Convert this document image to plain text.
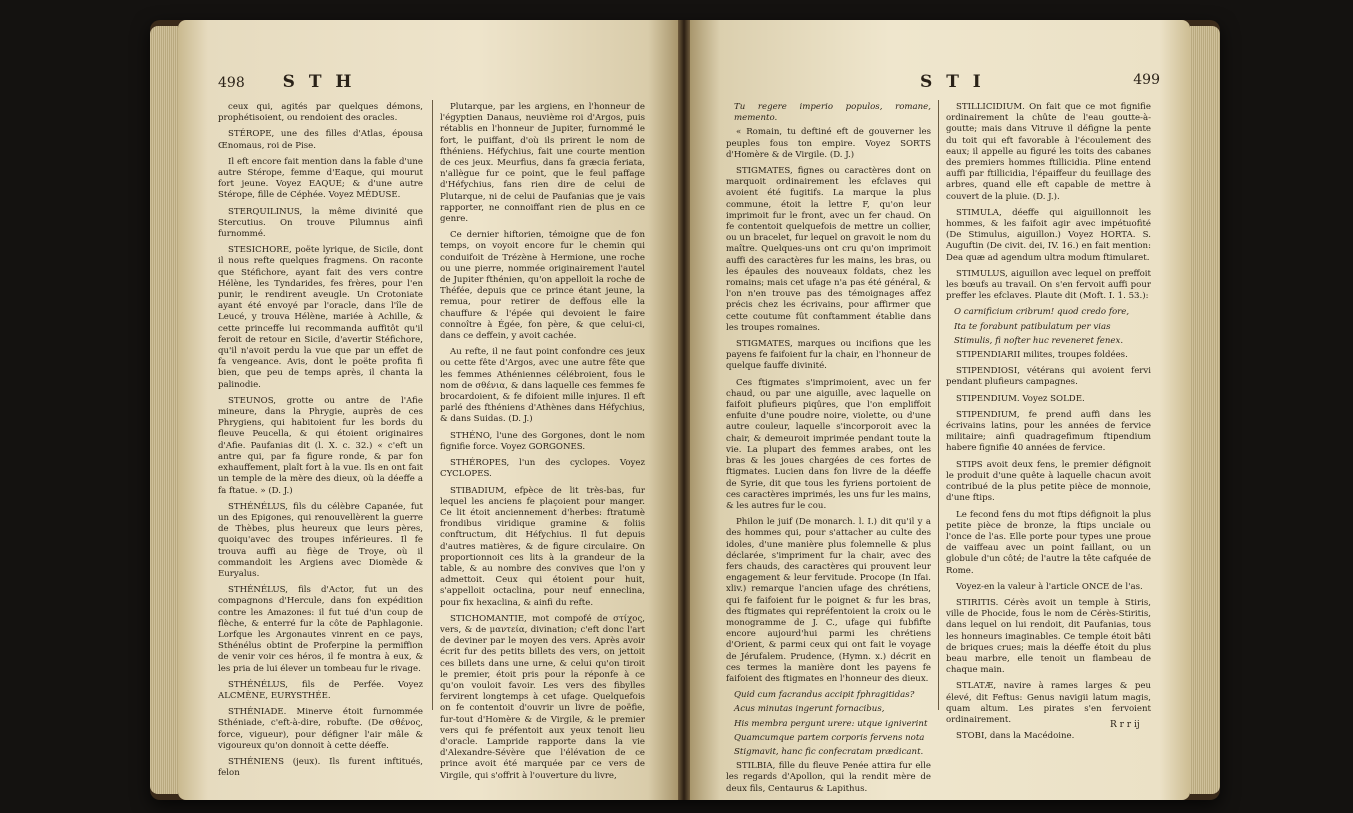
498 S T H

ceux qui, agités par quelques démons, prophétisoient, ou rendoient des oracles.

STÉROPE, une des filles d'Atlas, épousa Œnomaus, roi de Pise.

Il eft encore fait mention dans la fable d'une autre Stérope, femme d'Eaque, qui mourut fort jeune. Voyez EAQUE; & d'une autre Stérope, fille de Céphée. Voyez MÉDUSE.

STERQUILINUS, la même divinité que Stercutius. On trouve Pilumnus ainfi furnommé.

STESICHORE, poëte lyrique, de Sicile, dont il nous refte quelques fragmens. On raconte que Stéfichore, ayant fait des vers contre Hélène, les Tyndarides, fes frères, pour l'en punir, le rendirent aveugle. Un Crotoniate ayant été envoyé par l'oracle, dans l'île de Leucé, y trouva Hélène, mariée à Achille, & cette princeffe lui recommanda auffitôt qu'il feroit de retour en Sicile, d'avertir Stéfichore, qu'il n'avoit perdu la vue que par un effet de fa vengeance. Avis, dont le poëte profita fi bien, que peu de temps après, il chanta la palinodie.

STEUNOS, grotte ou antre de l'Afie mineure, dans la Phrygie, auprès de ces Phrygiens, qui habitoient fur les bords du fleuve Peucella, & qui étoient originaires d'Afie. Paufanias dit (l. X. c. 32.) « c'eft un antre qui, par fa figure ronde, & par fon exhauffement, plaît fort à la vue. Ils en ont fait un temple de la mère des dieux, où la déeffe a fa ftatue. » (D. J.)

STHÉNÉLUS, fils du célèbre Capanée, fut un des Epigones, qui renouvellèrent la guerre de Thèbes, plus heureux que leurs pères, quoiqu'avec des troupes inférieures. Il fe trouva auffi au fiège de Troye, où il commandoit les Argiens avec Diomède & Euryalus.

STHÉNÉLUS, fils d'Actor, fut un des compagnons d'Hercule, dans fon expédition contre les Amazones: il fut tué d'un coup de flèche, & enterré fur la côte de Paphlagonie. Lorfque les Argonautes vinrent en ce pays, Sthénélus obtint de Proferpine la permiffion de venir voir ces héros, il fe montra à eux, & les pria de lui élever un tombeau fur le rivage.

STHÉNÉLUS, fils de Perfée. Voyez ALCMÈNE, EURYSTHÉE.

STHÉNIADE. Minerve étoit furnommée Sthéniade, c'eft-à-dire, robufte. (De σθένος, force, vigueur), pour défigner l'air mâle & vigoureux qu'on donnoit à cette déeffe.

STHÉNIENS (jeux). Ils furent inftitués, felon

Plutarque, par les argiens, en l'honneur de l'égyptien Danaus, neuvième roi d'Argos, puis rétablis en l'honneur de Jupiter, furnommé le fort, le puiffant, d'où ils prirent le nom de fthéniens. Héfychius, fait une courte mention de ces jeux. Meurfius, dans fa græcia feriata, n'allègue fur ce point, que le feul paffage d'Héfychius, fans rien dire de celui de Plutarque, ni de celui de Paufanias que je vais rapporter, ne connoiffant rien de plus en ce genre.

Ce dernier hiftorien, témoigne que de fon temps, on voyoit encore fur le chemin qui conduifoit de Trézène à Hermione, une roche ou une pierre, nommée originairement l'autel de Jupiter fthénien, qu'on appelloit la roche de Théfée, depuis que ce prince étant jeune, la remua, pour retirer de deffous elle la chauffure & l'épée qui devoient le faire connoître à Égée, fon père, & que celui-ci, dans ce deffein, y avoit cachée.

Au refte, il ne faut point confondre ces jeux ou cette fête d'Argos, avec une autre fête que les femmes Athéniennes célébroient, fous le nom de σθένια, & dans laquelle ces femmes fe brocardoient, & fe difoient mille injures. Il eft parlé des fthéniens d'Athènes dans Héfychius, & dans Suidas. (D. J.)

STHÉNO, l'une des Gorgones, dont le nom fignifie force. Voyez GORGONES.

STHÉROPES, l'un des cyclopes. Voyez CYCLOPES.

STIBADIUM, efpèce de lit très-bas, fur lequel les anciens fe plaçoient pour manger. Ce lit étoit anciennement d'herbes: ftratumè frondibus viridique gramine & foliis conftructum, dit Héfychius. Il fut depuis d'autres matières, & de figure circulaire. On proportionnoit ces lits à la grandeur de la table, & au nombre des convives que l'on y admettoit. Ceux qui étoient pour huit, s'appelloit octaclina, pour neuf enneclina, pour fix hexaclina, & ainfi du refte.

STICHOMANTIE, mot compofé de στίχος, vers, & de μαντεία, divination; c'eft donc l'art de deviner par le moyen des vers. Après avoir écrit fur des petits billets des vers, on jettoit ces billets dans une urne, & celui qu'on tiroit le premier, étoit pris pour la réponfe à ce qu'on vouloit favoir. Les vers des fibylles fervirent longtemps à cet ufage. Quelquefois on fe contentoit d'ouvrir un livre de poëfie, fur-tout d'Homère & de Virgile, & le premier vers qui fe préfentoit aux yeux tenoit lieu d'oracle. Lampride rapporte dans la vie d'Alexandre-Sévère que l'élévation de ce prince avoit été marquée par ce vers de Virgile, qui s'offrit à l'ouverture du livre,

S T I	499

Tu regere imperio populos, romane, memento.

« Romain, tu deftiné eft de gouverner les peuples fous ton empire. Voyez SORTS d'Homère & de Virgile. (D. J.)

STIGMATES, fignes ou caractères dont on marquoit ordinairement les efclaves qui avoient été fugitifs. La marque la plus commune, étoit la lettre F, qu'on leur imprimoit fur le front, avec un fer chaud. On fe contentoit quelquefois de mettre un collier, ou un bracelet, fur lequel on gravoit le nom du maître. Quelques-uns ont cru qu'on imprimoit auffi des caractères fur les mains, les bras, ou les épaules des nouveaux foldats, chez les romains; mais cet ufage n'a pas été général, & l'on n'en trouve pas des témoignages affez précis chez les écrivains, pour affirmer que cette coutume fût conftamment établie dans les troupes romaines.

STIGMATES, marques ou incifions que les payens fe faifoient fur la chair, en l'honneur de quelque fauffe divinité.

Ces ftigmates s'imprimoient, avec un fer chaud, ou par une aiguille, avec laquelle on faifoit plufieurs piqûres, que l'on empliffoit enfuite d'une poudre noire, violette, ou d'une autre couleur, laquelle s'incorporoit avec la chair, & demeuroit imprimée pendant toute la vie. La plupart des femmes arabes, ont les bras & les joues chargées de ces fortes de ftigmates. Lucien dans fon livre de la déeffe de Syrie, dit que tous les fyriens portoient de ces caractères imprimés, les uns fur les mains, & les autres fur le cou.

Philon le juif (De monarch. l. I.) dit qu'il y a des hommes qui, pour s'attacher au culte des idoles, d'une manière plus folemnelle & plus déclarée, s'impriment fur la chair, avec des fers chauds, des caractères qui prouvent leur engagement & leur fervitude. Procope (In Ifai. xliv.) remarque l'ancien ufage des chrétiens, qui fe faifoient fur le poignet & fur les bras, des ftigmates qui repréfentoient la croix ou le monogramme de J. C., ufage qui fubfifte encore aujourd'hui parmi les chrétiens d'Orient, & parmi ceux qui ont fait le voyage de Jérufalem. Prudence, (Hymn. x.) décrit en ces termes la manière dont les payens fe faifoient des ftigmates en l'honneur des dieux.

Quid cum facrandus accipit fphragitidas?

Acus minutas ingerunt fornacibus,

His membra pergunt urere: utque igniverint

Quamcumque partem corporis fervens nota

Stigmavit, hanc fic confecratam prædicant.

STILBIA, fille du fleuve Penée attira fur elle les regards d'Apollon, qui la rendit mère de deux fils, Centaurus & Lapithus.

STILLICIDIUM. On fait que ce mot fignifie ordinairement la chûte de l'eau goutte-à-goutte; mais dans Vitruve il défigne la pente du toit qui eft favorable à l'écoulement des eaux; il appelle au figuré les toits des cabanes des premiers hommes ftillicidia. Pline entend auffi par ftillicidia, l'épaiffeur du feuillage des arbres, quand elle eft capable de mettre à couvert de la pluie. (D. J.).

STIMULA, déeffe qui aiguillonnoit les hommes, & les faifoit agir avec impétuofité (De Stimulus, aiguillon.) Voyez HORTA. S. Auguftin (De civit. dei, IV. 16.) en fait mention: Dea quæ ad agendum ultra modum ftimularet.

STIMULUS, aiguillon avec lequel on preffoit les bœufs au travail. On s'en fervoit auffi pour preffer les efclaves. Plaute dit (Moft. I. 1. 53.):

O carnificium cribrum! quod credo fore,

Ita te forabunt patibulatum per vias

Stimulis, fi nofter huc reveneret fenex.

STIPENDIARII milites, troupes foldées.

STIPENDIOSI, vétérans qui avoient fervi pendant plufieurs campagnes.

STIPENDIUM. Voyez SOLDE.

STIPENDIUM, fe prend auffi dans les écrivains latins, pour les années de fervice militaire; ainfi quadragefimum ftipendium habere fignifie 40 années de fervice.

STIPS avoit deux fens, le premier défignoit le produit d'une quête à laquelle chacun avoit contribué de la plus petite pièce de monnoie, d'une ftips.

Le fecond fens du mot ftips défignoit la plus petite pièce de bronze, la ftips unciale ou l'once de l'as. Elle porte pour types une proue de vaiffeau avec un point faillant, ou un globule d'un côté; de l'autre la tête cafquée de Rome.

Voyez-en la valeur à l'article ONCE de l'as.

STIRITIS. Cérès avoit un temple à Stiris, ville de Phocide, fous le nom de Cérès-Stiritis, dans lequel on lui rendoit, dit Paufanias, tous les honneurs imaginables. Ce temple étoit bâti de briques crues; mais la déeffe étoit du plus beau marbre, elle tenoit un flambeau de chaque main.

STLATÆ, navire à rames larges & peu élevé, dit Feftus: Genus navigii latum magis, quam altum. Les pirates s'en fervoient ordinairement.

STOBI, dans la Macédoine.

R r r ij
